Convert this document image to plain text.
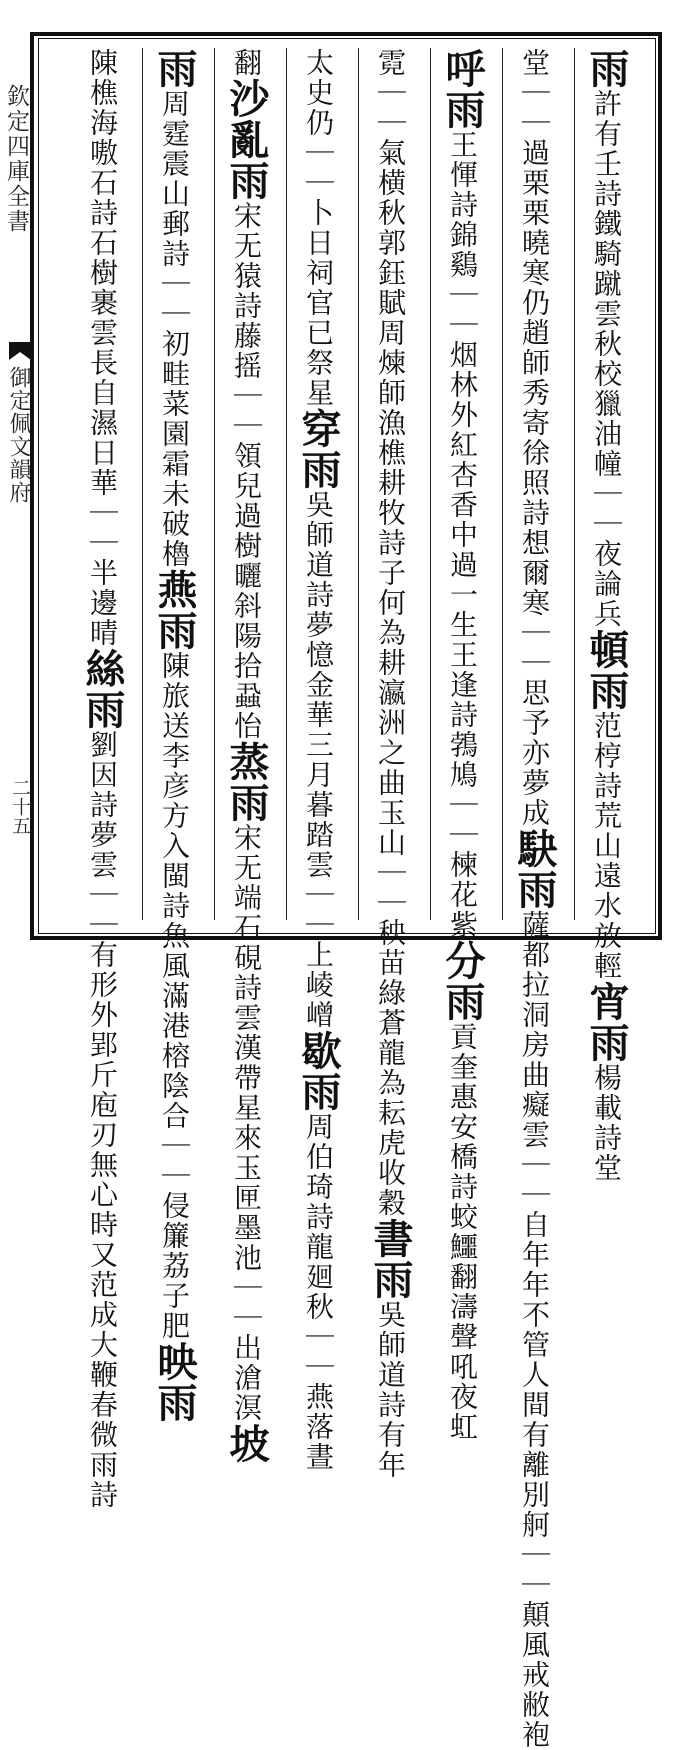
欽定四庫全書
御定佩文韻府
二十五
雨許有壬詩鐵騎蹴雲秋校獵油幢｜｜夜論兵頓雨范梈詩荒山遠水放輕宵雨楊載詩堂
堂｜｜過栗栗曉寒仍趙師秀寄徐照詩想爾寒｜｜思予亦夢成駃雨薩都拉洞房曲癡雲｜｜自年年不管人間有離別舸｜｜顛風戒敝袍
呼雨王惲詩錦鷄｜｜烟林外紅杏香中過一生王逢詩鵓鳩｜｜楝花紫分雨貢奎惠安橋詩蛟鱷翻濤聲吼夜虹
霓｜｜氣横秋郭鈺賦周煉師漁樵耕牧詩子何為耕瀛洲之曲玉山｜｜秧苗綠蒼龍為耘虎收穀書雨吳師道詩有年
太史仍｜｜卜日祠官已祭星穿雨吳師道詩夢憶金華三月暮踏雲｜｜上崚嶒歇雨周伯琦詩龍廻秋｜｜燕落晝
翻沙亂雨宋无猿詩藤摇｜｜領兒過樹曬斜陽拾蝨怡蒸雨宋无端石硯詩雲漢帶星來玉匣墨池｜｜出滄溟坡
雨周霆震山郵詩｜｜初畦菜園霜未破櫓燕雨陳旅送李彦方入閩詩魚風滿港榕陰合｜｜侵簾荔子肥映雨
陳樵海嗷石詩石樹裹雲長自濕日華｜｜半邊晴絲雨劉因詩夢雲｜｜有形外郢斤庖刃無心時又范成大鞭春微雨詩
